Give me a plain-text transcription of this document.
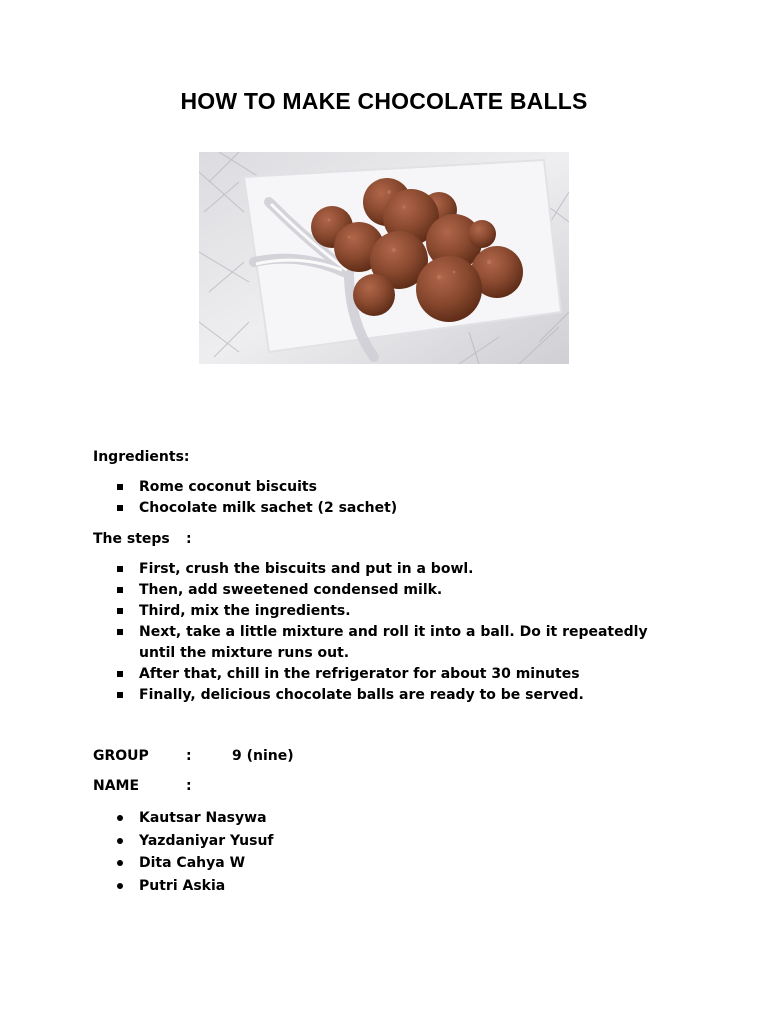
HOW TO MAKE CHOCOLATE BALLS
Ingredients:
Rome coconut biscuits
Chocolate milk sachet (2 sachet)
The steps :
First, crush the biscuits and put in a bowl.
Then, add sweetened condensed milk.
Third, mix the ingredients.
Next, take a little mixture and roll it into a ball. Do it repeatedly until the mixture runs out.
After that, chill in the refrigerator for about 30 minutes
Finally, delicious chocolate balls are ready to be served.
GROUP	:	9 (nine)
NAME	:
Kautsar Nasywa
Yazdaniyar Yusuf
Dita Cahya W
Putri Askia
